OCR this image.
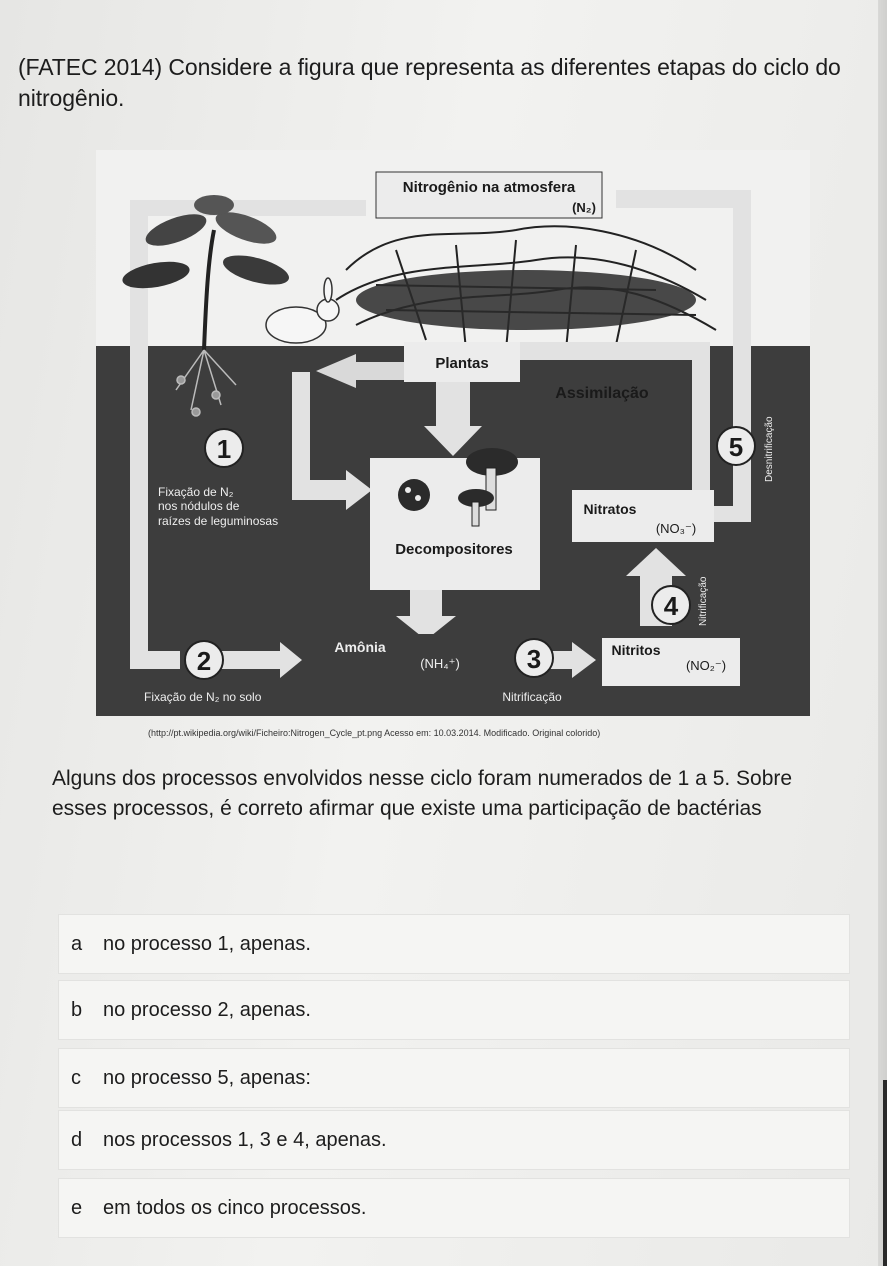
(FATEC 2014) Considere a figura que representa as diferentes etapas do ciclo do nitrogênio.
Nitrogênio na atmosfera
(N₂)
Plantas
Assimilação
Decompositores
Nitratos
(NO₃⁻)
Nitritos
(NO₂⁻)
Amônia
(NH₄⁺)
1
2	3
4
5
Fixação de N₂
nos nódulos de
raízes de leguminosas
Fixação de N₂ no solo	Nitrificação
Nitrificação
Desnitrificação
(http://pt.wikipedia.org/wiki/Ficheiro:Nitrogen_Cycle_pt.png Acesso em: 10.03.2014. Modificado. Original colorido)
Alguns dos processos envolvidos nesse ciclo foram numerados de 1 a 5. Sobre esses processos, é correto afirmar que existe uma participação de bactérias
a	no processo 1, apenas.
b	no processo 2, apenas.
c	no processo 5, apenas:
d	nos processos 1, 3 e 4, apenas.
e	em todos os cinco processos.
